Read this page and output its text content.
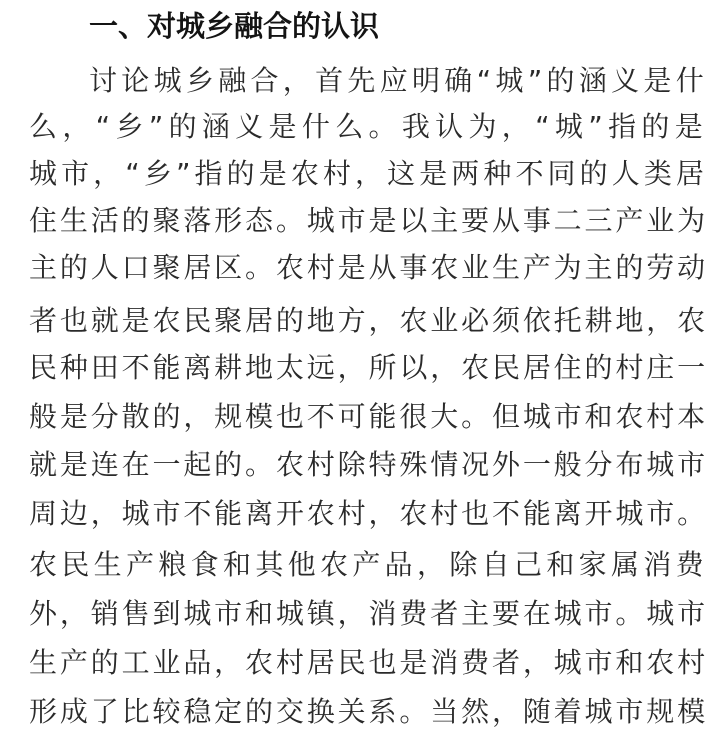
一、对城乡融合的认识
讨论城乡融合，首先应明确“城”的涵义是什
么，“乡”的涵义是什么。我认为，“城”指的是
城市，“乡”指的是农村，这是两种不同的人类居
住生活的聚落形态。城市是以主要从事二三产业为
主的人口聚居区。农村是从事农业生产为主的劳动
者也就是农民聚居的地方，农业必须依托耕地，农
民种田不能离耕地太远，所以，农民居住的村庄一
般是分散的，规模也不可能很大。但城市和农村本
就是连在一起的。农村除特殊情况外一般分布城市
周边，城市不能离开农村，农村也不能离开城市。
农民生产粮食和其他农产品，除自己和家属消费
外，销售到城市和城镇，消费者主要在城市。城市
生产的工业品，农村居民也是消费者，城市和农村
形成了比较稳定的交换关系。当然，随着城市规模
